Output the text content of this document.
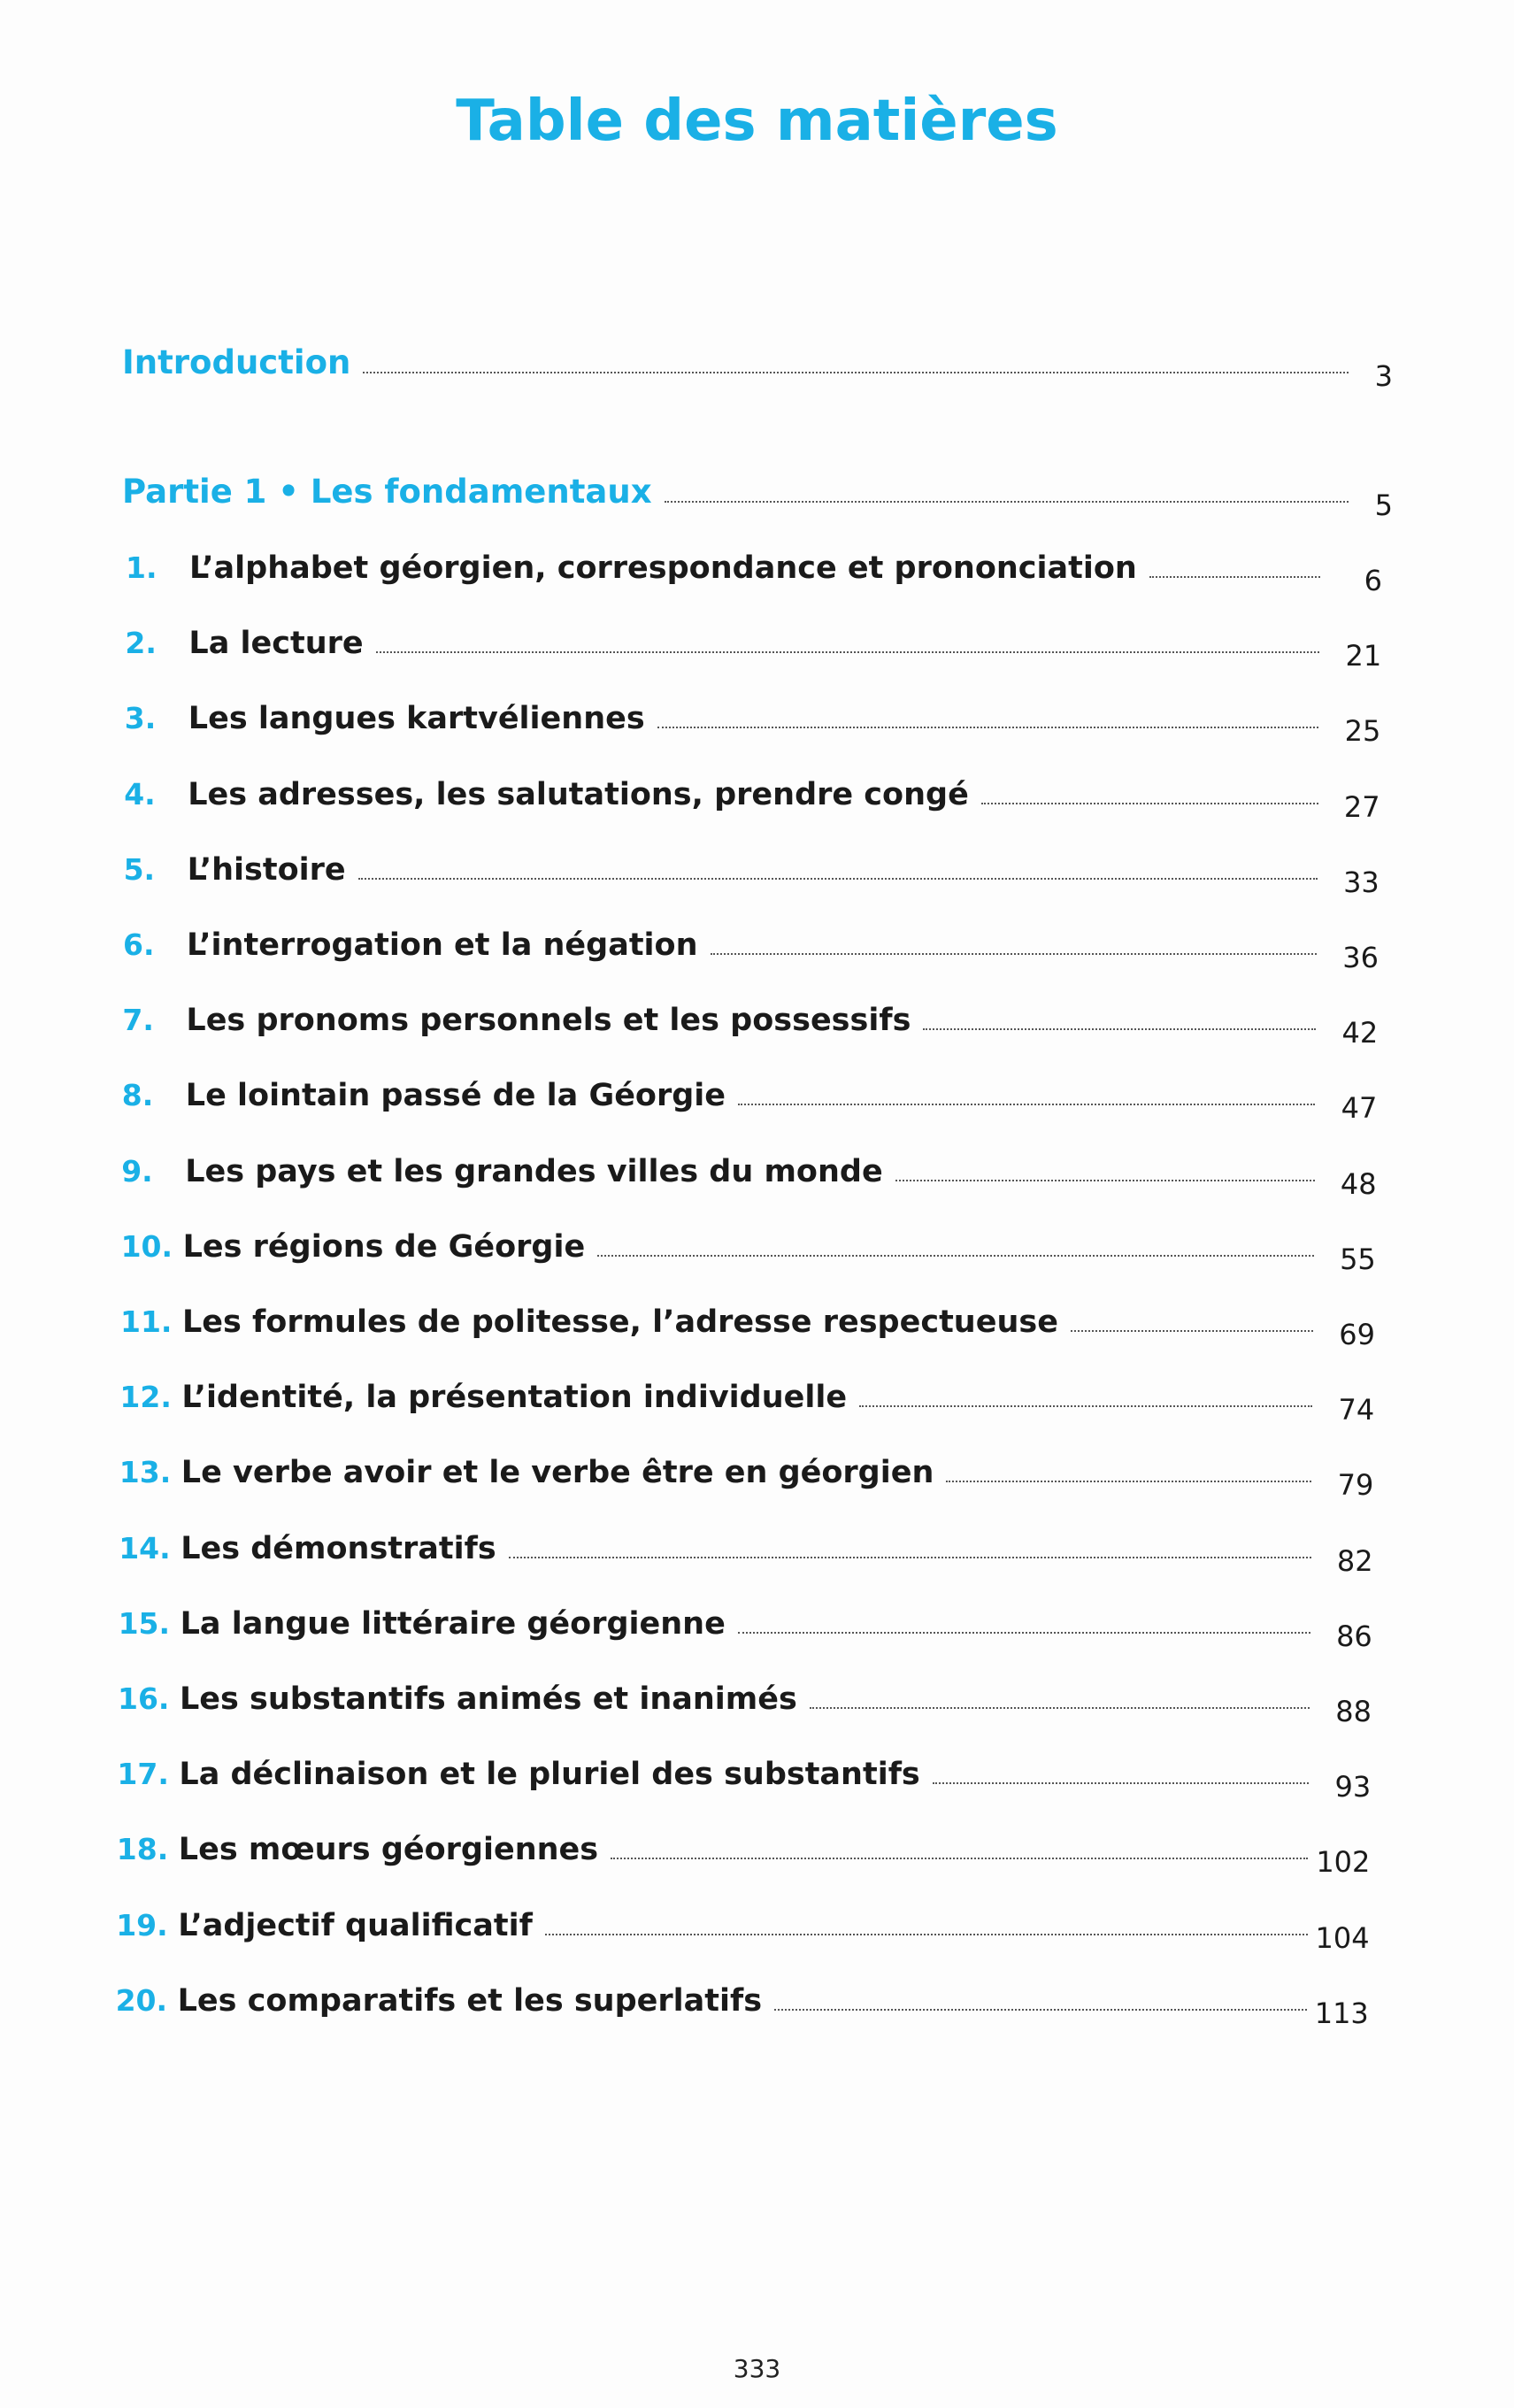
Table des matières
Introduction	3
Partie 1 • Les fondamentaux	5
1.	L’alphabet géorgien, correspondance et prononciation	6
2.	La lecture	21
3.	Les langues kartvéliennes	25
4.	Les adresses, les salutations, prendre congé	27
5.	L’histoire	33
6.	L’interrogation et la négation	36
7.	Les pronoms personnels et les possessifs	42
8.	Le lointain passé de la Géorgie	47
9.	Les pays et les grandes villes du monde	48
10. Les régions de Géorgie	55
11. Les formules de politesse, l’adresse respectueuse	69
12. L’identité, la présentation individuelle	74
13. Le verbe avoir et le verbe être en géorgien	79
14. Les démonstratifs	82
15. La langue littéraire géorgienne	86
16. Les substantifs animés et inanimés	88
17. La déclinaison et le pluriel des substantifs	93
18. Les mœurs géorgiennes	102
19. L’adjectif qualificatif	104
20. Les comparatifs et les superlatifs	113
333
